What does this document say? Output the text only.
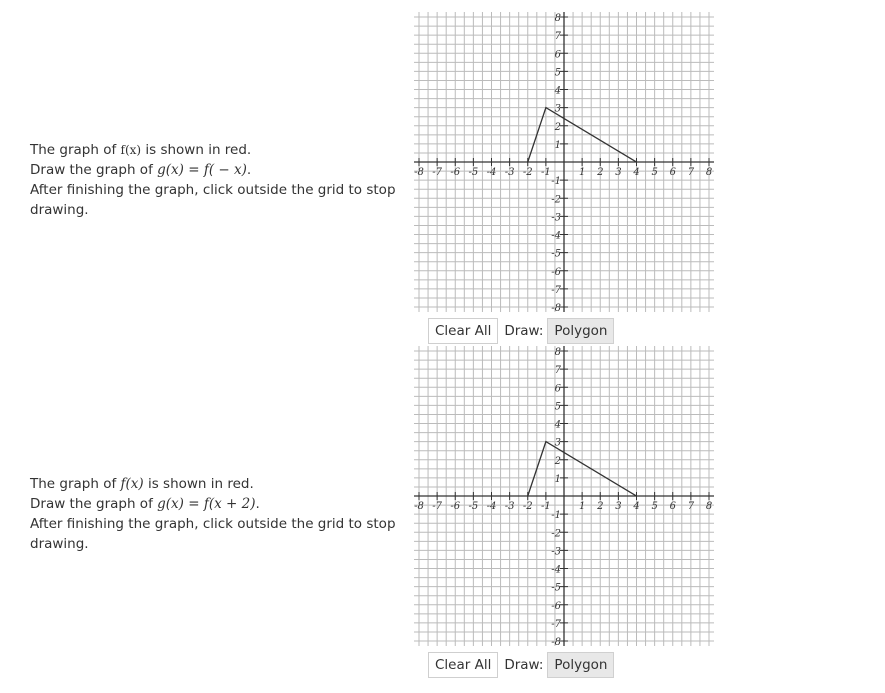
The graph of f(x) is shown in red.

Draw the graph of g(x) = f( − x).

After finishing the graph, click outside the grid to stop drawing.

-8 -7 -6 -5 -4 -3 -2 -1	1 2 3 4 5 6 7 8
8
7
6
5
4
3
2
1
-1
-2
-3
-4
-5
-6
-7
-8
Clear All Draw: Polygon

The graph of f(x) is shown in red.

Draw the graph of g(x) = f(x + 2).

After finishing the graph, click outside the grid to stop drawing.

-8 -7 -6 -5 -4 -3 -2 -1	1 2 3 4 5 6 7 8
8
7
6
5
4
3
2
1
-1
-2
-3
-4
-5
-6
-7
-8
Clear All Draw: Polygon
